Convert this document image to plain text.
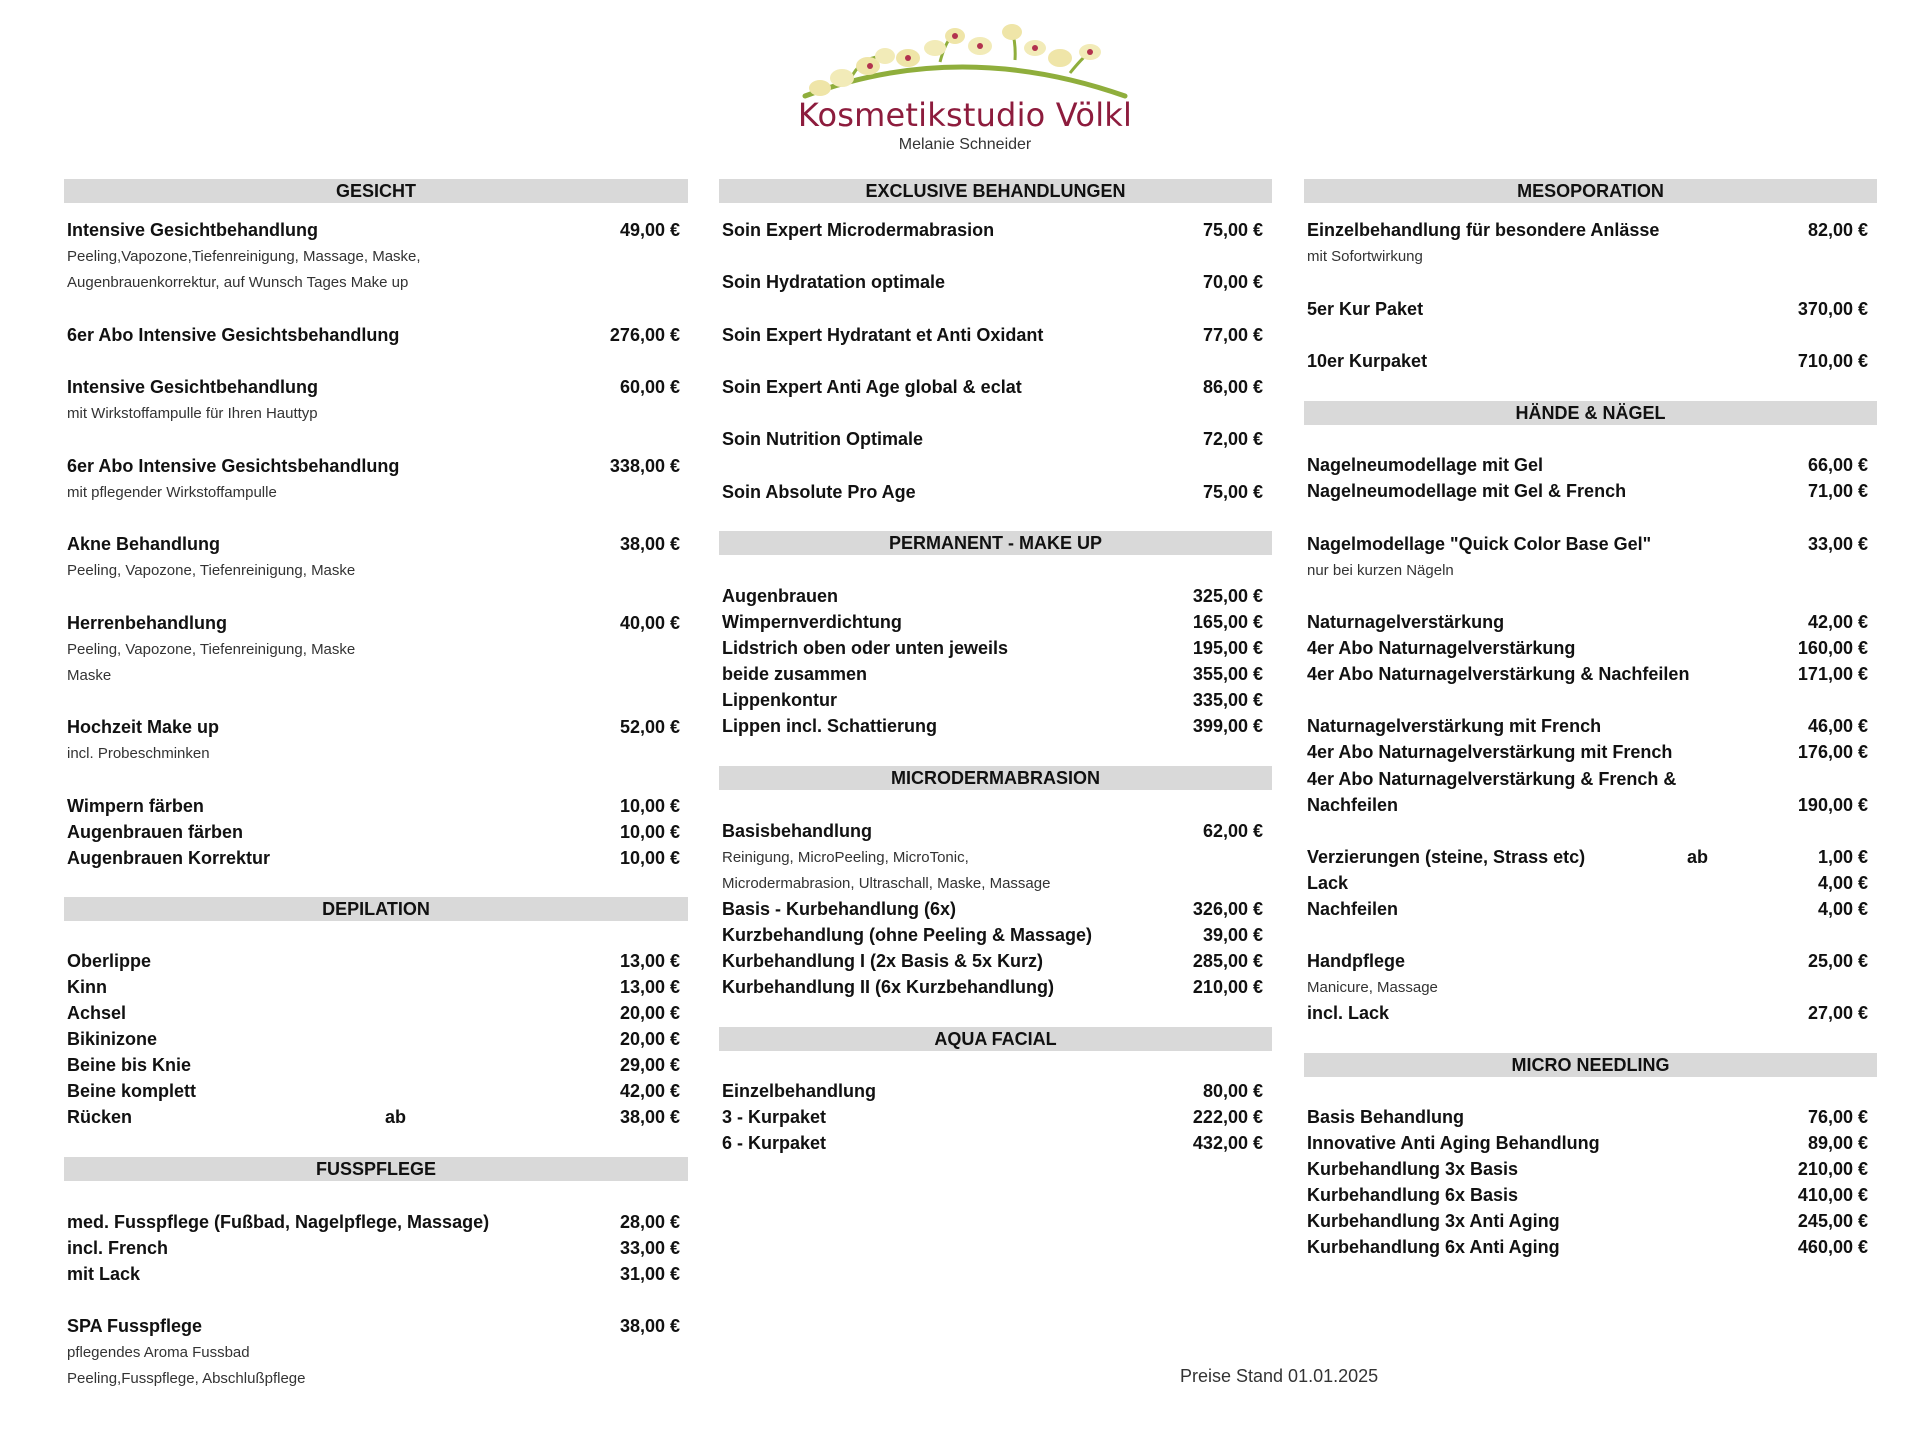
Kosmetikstudio Völkl
Melanie Schneider
GESICHT
Intensive Gesichtbehandlung	49,00 €
Peeling,Vapozone,Tiefenreinigung, Massage, Maske,
Augenbrauenkorrektur, auf Wunsch Tages Make up
6er Abo Intensive Gesichtsbehandlung	276,00 €
Intensive Gesichtbehandlung	60,00 €
mit Wirkstoffampulle für Ihren Hauttyp
6er Abo Intensive Gesichtsbehandlung	338,00 €
mit pflegender Wirkstoffampulle
Akne Behandlung	38,00 €
Peeling, Vapozone, Tiefenreinigung, Maske
Herrenbehandlung	40,00 €
Peeling, Vapozone, Tiefenreinigung, Maske
Maske
Hochzeit Make up	52,00 €
incl. Probeschminken
Wimpern färben	10,00 €
Augenbrauen färben	10,00 €
Augenbrauen Korrektur	10,00 €
DEPILATION
Oberlippe	13,00 €
Kinn	13,00 €
Achsel	20,00 €
Bikinizone	20,00 €
Beine bis Knie	29,00 €
Beine komplett	42,00 €
Rücken	ab	38,00 €
FUSSPFLEGE
med. Fusspflege (Fußbad, Nagelpflege, Massage)	28,00 €
incl. French	33,00 €
mit Lack	31,00 €
SPA Fusspflege	38,00 €
pflegendes Aroma Fussbad
Peeling,Fusspflege, Abschlußpflege
EXCLUSIVE BEHANDLUNGEN
Soin Expert Microdermabrasion	75,00 €
Soin Hydratation optimale	70,00 €
Soin Expert Hydratant et Anti Oxidant	77,00 €
Soin Expert Anti Age global & eclat	86,00 €
Soin Nutrition Optimale	72,00 €
Soin Absolute Pro Age	75,00 €
PERMANENT - MAKE UP
Augenbrauen	325,00 €
Wimpernverdichtung	165,00 €
Lidstrich oben oder unten jeweils	195,00 €
beide zusammen	355,00 €
Lippenkontur	335,00 €
Lippen incl. Schattierung	399,00 €
MICRODERMABRASION
Basisbehandlung	62,00 €
Reinigung, MicroPeeling, MicroTonic,
Microdermabrasion, Ultraschall, Maske, Massage
Basis - Kurbehandlung (6x)	326,00 €
Kurzbehandlung (ohne Peeling & Massage)	39,00 €
Kurbehandlung I (2x Basis & 5x Kurz)	285,00 €
Kurbehandlung II (6x Kurzbehandlung)	210,00 €
AQUA FACIAL
Einzelbehandlung	80,00 €
3 - Kurpaket	222,00 €
6 - Kurpaket	432,00 €
MESOPORATION
Einzelbehandlung für besondere Anlässe	82,00 €
mit Sofortwirkung
5er Kur Paket	370,00 €
10er Kurpaket	710,00 €
HÄNDE & NÄGEL
Nagelneumodellage mit Gel	66,00 €
Nagelneumodellage mit Gel & French	71,00 €
Nagelmodellage "Quick Color Base Gel"	33,00 €
nur bei kurzen Nägeln
Naturnagelverstärkung	42,00 €
4er Abo Naturnagelverstärkung	160,00 €
4er Abo Naturnagelverstärkung & Nachfeilen	171,00 €
Naturnagelverstärkung mit French	46,00 €
4er Abo Naturnagelverstärkung mit French	176,00 €
4er Abo Naturnagelverstärkung & French &
Nachfeilen	190,00 €
Verzierungen (steine, Strass etc)	ab	1,00 €
Lack	4,00 €
Nachfeilen	4,00 €
Handpflege	25,00 €
Manicure, Massage
incl. Lack	27,00 €
MICRO NEEDLING
Basis Behandlung	76,00 €
Innovative Anti Aging Behandlung	89,00 €
Kurbehandlung 3x Basis	210,00 €
Kurbehandlung 6x Basis	410,00 €
Kurbehandlung 3x Anti Aging	245,00 €
Kurbehandlung 6x Anti Aging	460,00 €
Preise Stand 01.01.2025
